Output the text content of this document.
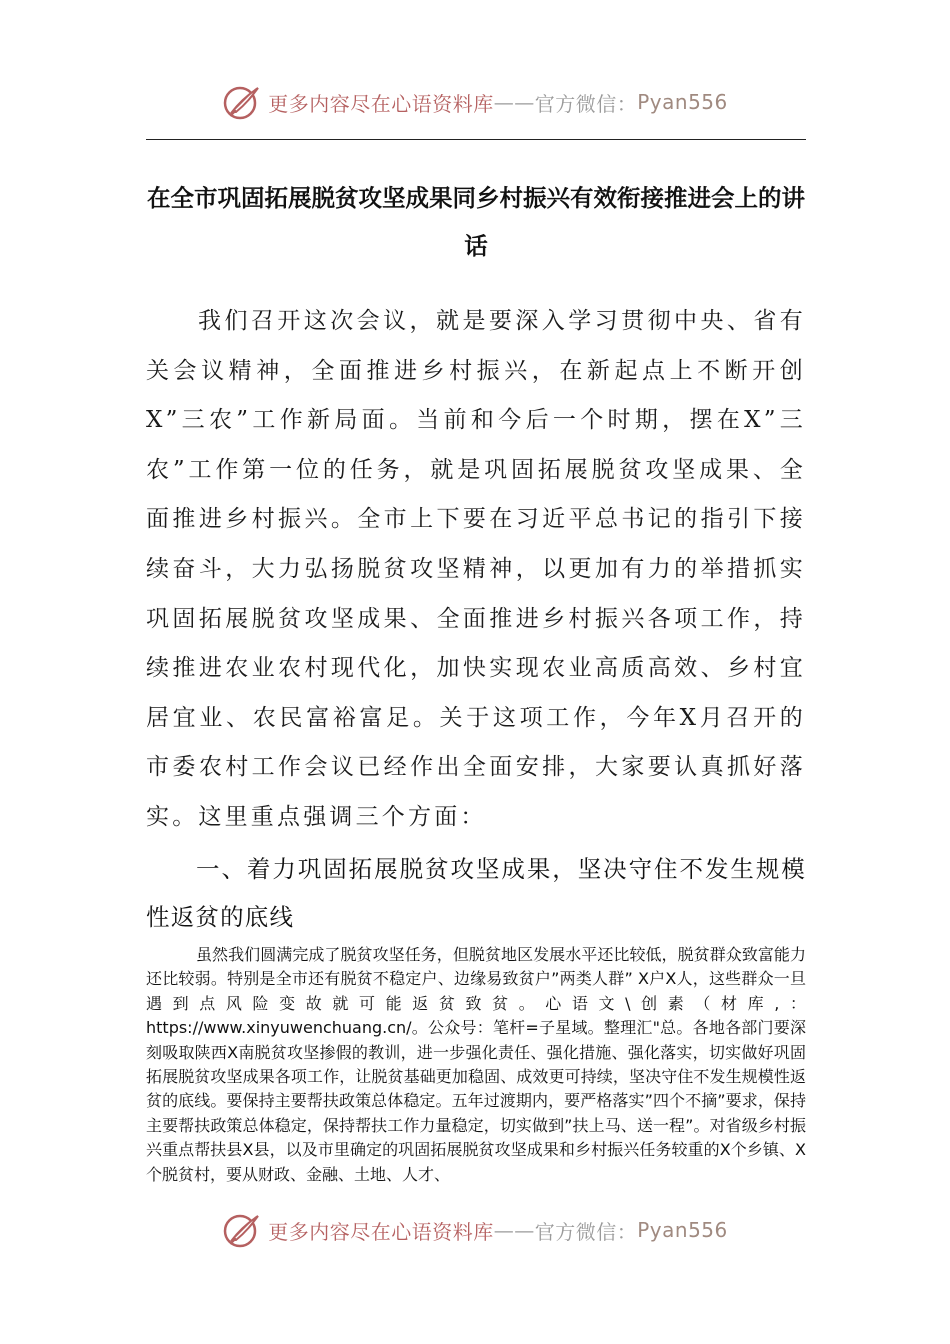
更多内容尽在心语资料库 —— 官方微信： Pyan556
在全市巩固拓展脱贫攻坚成果同乡村振兴有效衔接推进会上的讲话
我们召开这次会议，就是要深入学习贯彻中央、省有关会议精神，全面推进乡村振兴，在新起点上不断开创X”三农”工作新局面。当前和今后一个时期，摆在X”三农”工作第一位的任务，就是巩固拓展脱贫攻坚成果、全面推进乡村振兴。全市上下要在习近平总书记的指引下接续奋斗，大力弘扬脱贫攻坚精神，以更加有力的举措抓实巩固拓展脱贫攻坚成果、全面推进乡村振兴各项工作，持续推进农业农村现代化，加快实现农业高质高效、乡村宜居宜业、农民富裕富足。关于这项工作，今年X月召开的市委农村工作会议已经作出全面安排，大家要认真抓好落实。这里重点强调三个方面：
一、着力巩固拓展脱贫攻坚成果，坚决守住不发生规模性返贫的底线
虽然我们圆满完成了脱贫攻坚任务，但脱贫地区发展水平还比较低，脱贫群众致富能力还比较弱。特别是全市还有脱贫不稳定户、边缘易致贫户”两类人群” X户X人，这些群众一旦遇到点风险变故就可能返贫致贫。心语文\创素（材库,：https://www.xinyuwenchuang.cn/。公众号：笔杆=子星域。整理汇"总。各地各部门要深刻吸取陕西X南脱贫攻坚掺假的教训，进一步强化责任、强化措施、强化落实，切实做好巩固拓展脱贫攻坚成果各项工作，让脱贫基础更加稳固、成效更可持续，坚决守住不发生规模性返贫的底线。要保持主要帮扶政策总体稳定。五年过渡期内，要严格落实”四个不摘”要求，保持主要帮扶政策总体稳定，保持帮扶工作力量稳定，切实做到”扶上马、送一程”。对省级乡村振兴重点帮扶县X县，以及市里确定的巩固拓展脱贫攻坚成果和乡村振兴任务较重的X个乡镇、X个脱贫村，要从财政、金融、土地、人才、
更多内容尽在心语资料库 —— 官方微信： Pyan556
